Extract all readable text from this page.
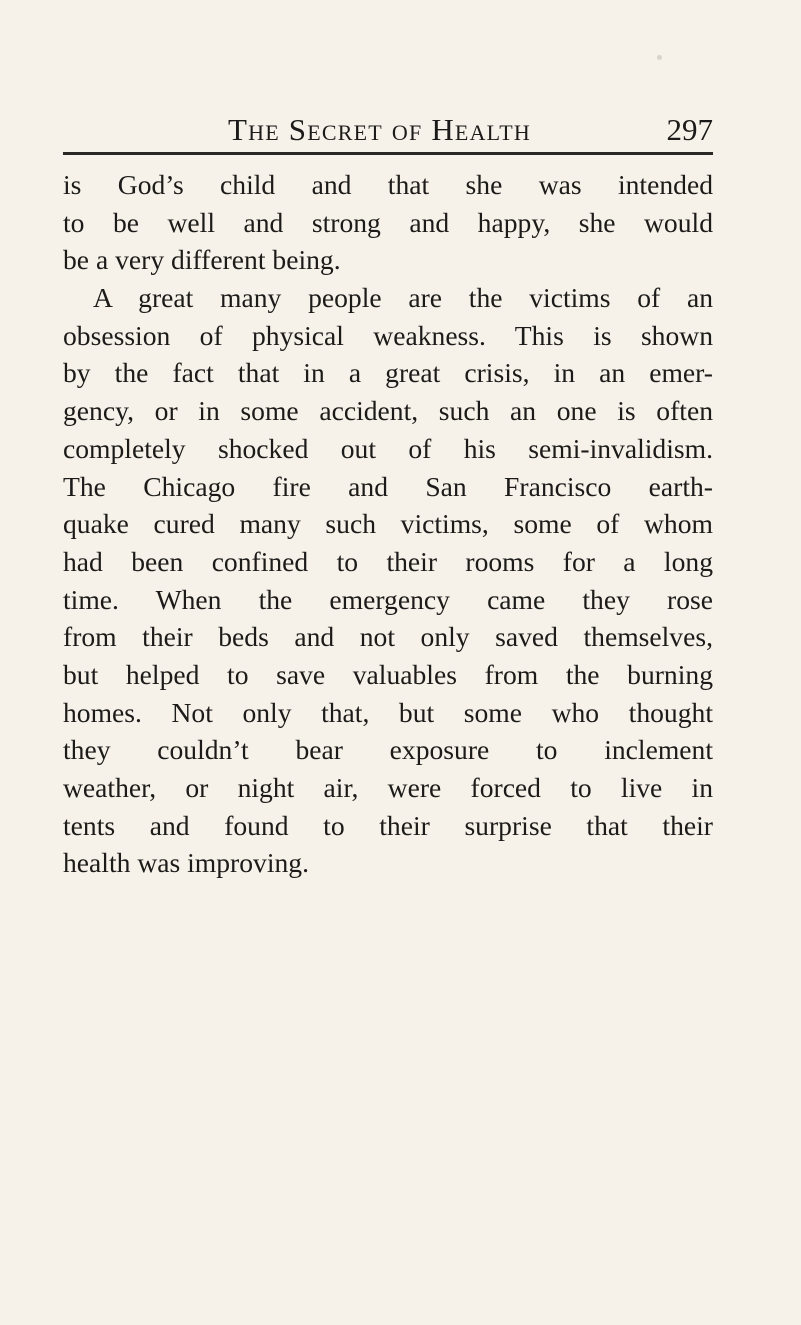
The Secret of Health	297
is God’s child and that she was intended
to be well and strong and happy, she would
be a very different being.
A great many people are the victims of an
obsession of physical weakness. This is shown
by the fact that in a great crisis, in an emer-
gency, or in some accident, such an one is often
completely shocked out of his semi-invalidism.
The Chicago fire and San Francisco earth-
quake cured many such victims, some of whom
had been confined to their rooms for a long
time. When the emergency came they rose
from their beds and not only saved themselves,
but helped to save valuables from the burning
homes. Not only that, but some who thought
they couldn’t bear exposure to inclement
weather, or night air, were forced to live in
tents and found to their surprise that their
health was improving.
